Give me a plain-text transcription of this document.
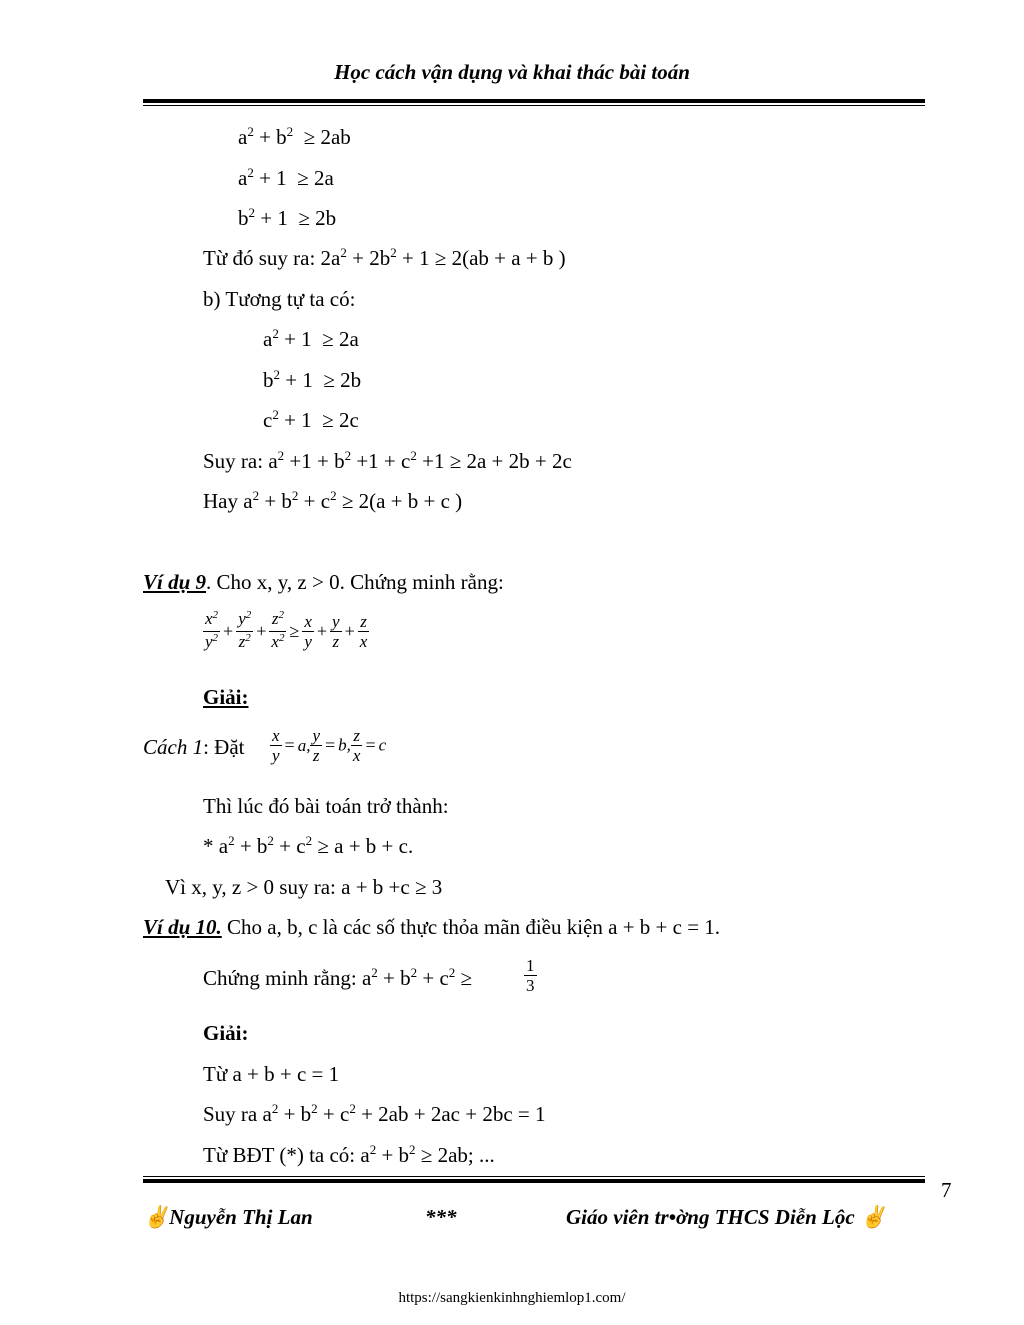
Học cách vận dụng và khai thác bài toán
$a^2 + b^2 \ge 2ab$
$a^2 + 1 \ge 2a$
$b^2 + 1 \ge 2b$
Từ đó suy ra: $2a^2 + 2b^2 + 1 \ge 2(ab + a + b$ )
b) Tương tự ta có:
$a^2 + 1 \ge 2a$
$b^2 + 1 \ge 2b$
$c^2 + 1 \ge 2c$
Suy ra: $a^2 +1 + b^2 +1 + c^2 +1 \ge 2a + 2b + 2c$
Hay $a^2 + b^2 + c^2 \ge 2(a + b + c$ )
Ví dụ 9. Cho x, y, z > 0. Chứng minh rằng:
$\frac{x^2}{y^2} + \frac{y^2}{z^2} + \frac{z^2}{x^2} \ge \frac{x}{y} + \frac{y}{z} + \frac{z}{x}$
Giải:
Cách 1: Đặt $\frac{x}{y} = a$, $\frac{y}{z} = b$, $\frac{z}{x} = c$
Thì lúc đó bài toán trở thành:
* $a^2 + b^2 + c^2 \ge a + b + c$.
Vì x, y, z > 0 suy ra: a + b +c ≥ 3
Ví dụ 10. Cho a, b, c là các số thực thỏa mãn điều kiện a + b + c = 1.
Chứng minh rằng: $a^2 + b^2 + c^2$ ≥	$\frac{1}{3}$
Giải:
Từ a + b + c = 1
Suy ra $a^2 + b^2 + c^2 + 2ab + 2ac + 2bc = 1$
Từ BĐT (*) ta có: $a^2 + b^2 \ge 2ab$; ...
7
✌Nguyễn Thị Lan	***	Giáo viên tr•ờng THCS Diễn Lộc ✌
https://sangkienkinhnghiemlop1.com/
